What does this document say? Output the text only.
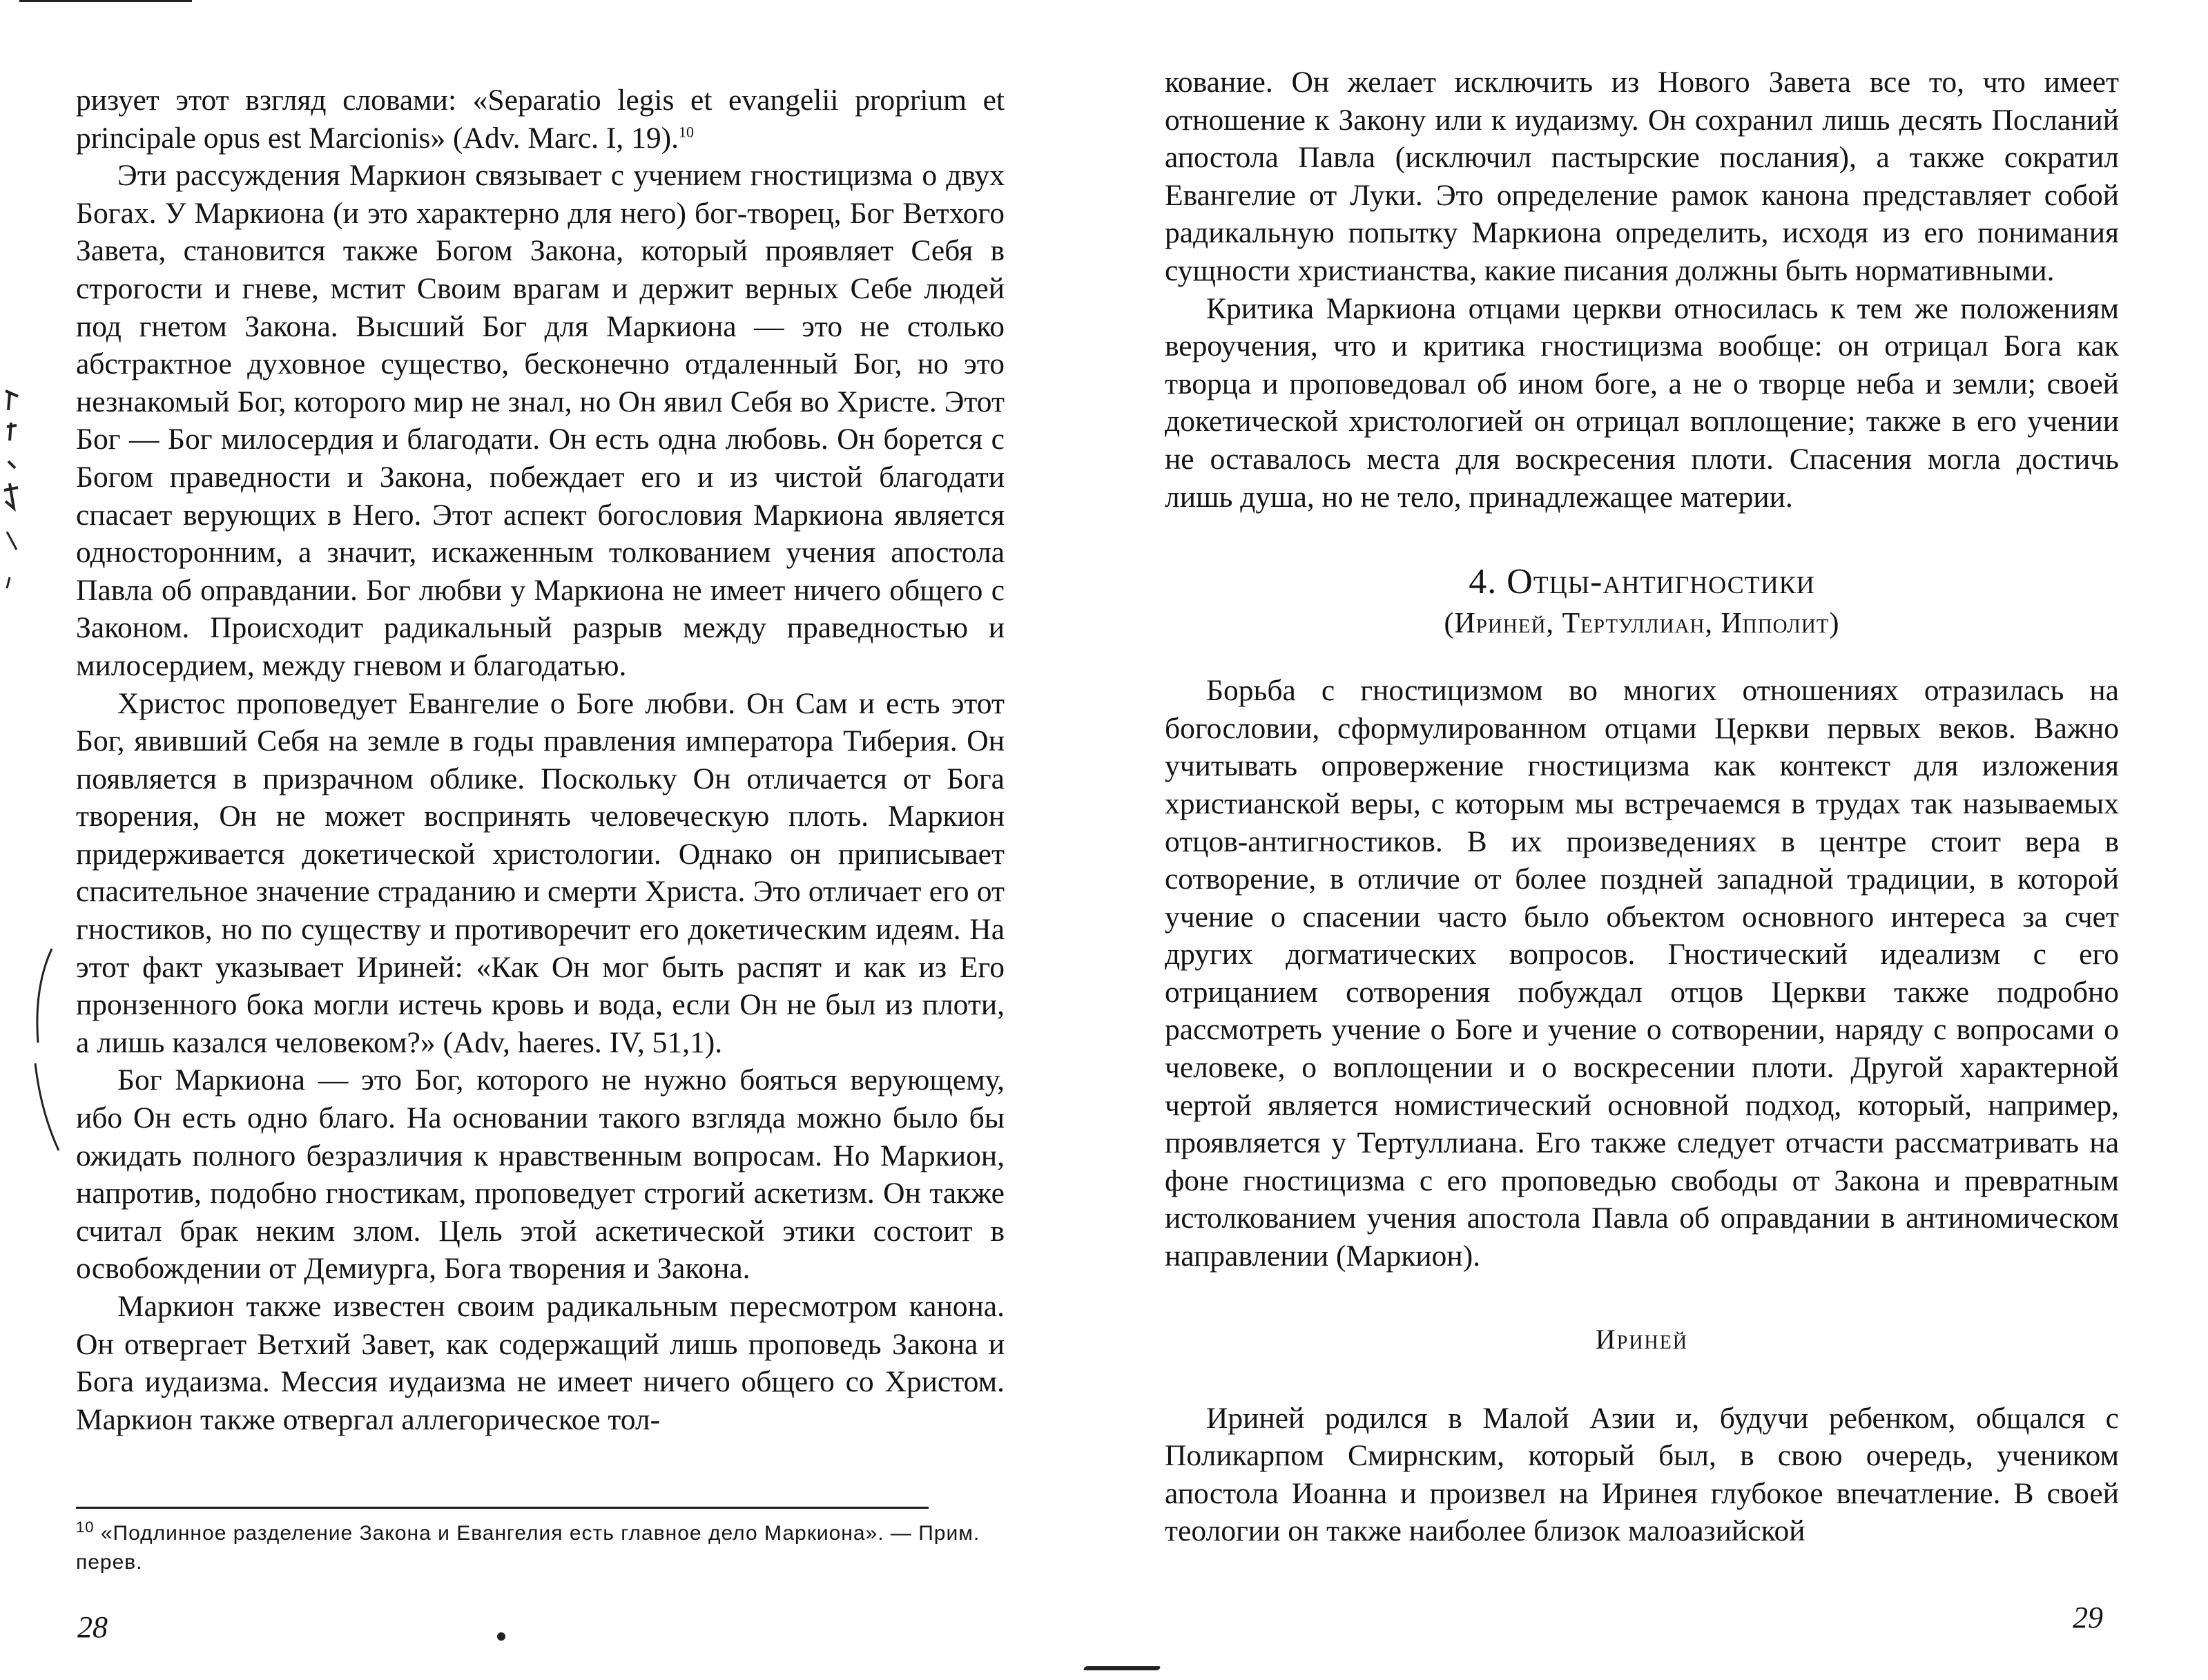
ризует этот взгляд словами: «Separatio legis et evangelii proprium et principale opus est Marcionis» (Adv. Marc. I, 19).$^{10}$

Эти рассуждения Маркион связывает с учением гностицизма о двух Богах. У Маркиона (и это характерно для него) бог-творец, Бог Ветхого Завета, становится также Богом Закона, который проявляет Себя в строгости и гневе, мстит Своим врагам и держит верных Себе людей под гнетом Закона. Высший Бог для Маркиона — это не столько абстрактное духовное существо, бесконечно отдаленный Бог, но это незнакомый Бог, которого мир не знал, но Он явил Себя во Христе. Этот Бог — Бог милосердия и благодати. Он есть одна любовь. Он борется с Богом праведности и Закона, побеждает его и из чистой благодати спасает верующих в Него. Этот аспект богословия Маркиона является односторонним, а значит, искаженным толкованием учения апостола Павла об оправдании. Бог любви у Маркиона не имеет ничего общего с Законом. Происходит радикальный разрыв между праведностью и милосердием, между гневом и благодатью.

Христос проповедует Евангелие о Боге любви. Он Сам и есть этот Бог, явивший Себя на земле в годы правления императора Тиберия. Он появляется в призрачном облике. Поскольку Он отличается от Бога творения, Он не может воспринять человеческую плоть. Маркион придерживается докетической христологии. Однако он приписывает спасительное значение страданию и смерти Христа. Это отличает его от гностиков, но по существу и противоречит его докетическим идеям. На этот факт указывает Ириней: «Как Он мог быть распят и как из Его пронзенного бока могли истечь кровь и вода, если Он не был из плоти, а лишь казался человеком?» (Adv, haeres. IV, 51,1).

Бог Маркиона — это Бог, которого не нужно бояться верующему, ибо Он есть одно благо. На основании такого взгляда можно было бы ожидать полного безразличия к нравственным вопросам. Но Маркион, напротив, подобно гностикам, проповедует строгий аскетизм. Он также считал брак неким злом. Цель этой аскетической этики состоит в освобождении от Демиурга, Бога творения и Закона.

Маркион также известен своим радикальным пересмотром канона. Он отвергает Ветхий Завет, как содержащий лишь проповедь Закона и Бога иудаизма. Мессия иудаизма не имеет ничего общего со Христом. Маркион также отвергал аллегорическое тол-

$^{10}$ «Подлинное разделение Закона и Евангелия есть главное дело Маркиона». — Прим. перев.
28

кование. Он желает исключить из Нового Завета все то, что имеет отношение к Закону или к иудаизму. Он сохранил лишь десять Посланий апостола Павла (исключил пастырские послания), а также сократил Евангелие от Луки. Это определение рамок канона представляет собой радикальную попытку Маркиона определить, исходя из его понимания сущности христианства, какие писания должны быть нормативными.

Критика Маркиона отцами церкви относилась к тем же положениям вероучения, что и критика гностицизма вообще: он отрицал Бога как творца и проповедовал об ином боге, а не о творце неба и земли; своей докетической христологией он отрицал воплощение; также в его учении не оставалось места для воскресения плоти. Спасения могла достичь лишь душа, но не тело, принадлежащее материи.

4. Отцы-антигностики
(Ириней, Тертуллиан, Ипполит)

Борьба с гностицизмом во многих отношениях отразилась на богословии, сформулированном отцами Церкви первых веков. Важно учитывать опровержение гностицизма как контекст для изложения христианской веры, с которым мы встречаемся в трудах так называемых отцов-антигностиков. В их произведениях в центре стоит вера в сотворение, в отличие от более поздней западной традиции, в которой учение о спасении часто было объектом основного интереса за счет других догматических вопросов. Гностический идеализм с его отрицанием сотворения побуждал отцов Церкви также подробно рассмотреть учение о Боге и учение о сотворении, наряду с вопросами о человеке, о воплощении и о воскресении плоти. Другой характерной чертой является номистический основной подход, который, например, проявляется у Тертуллиана. Его также следует отчасти рассматривать на фоне гностицизма с его проповедью свободы от Закона и превратным истолкованием учения апостола Павла об оправдании в антиномическом направлении (Маркион).

Ириней

Ириней родился в Малой Азии и, будучи ребенком, общался с Поликарпом Смирнским, который был, в свою очередь, учеником апостола Иоанна и произвел на Иринея глубокое впечатление. В своей теологии он также наиболее близок малоазийской

29
